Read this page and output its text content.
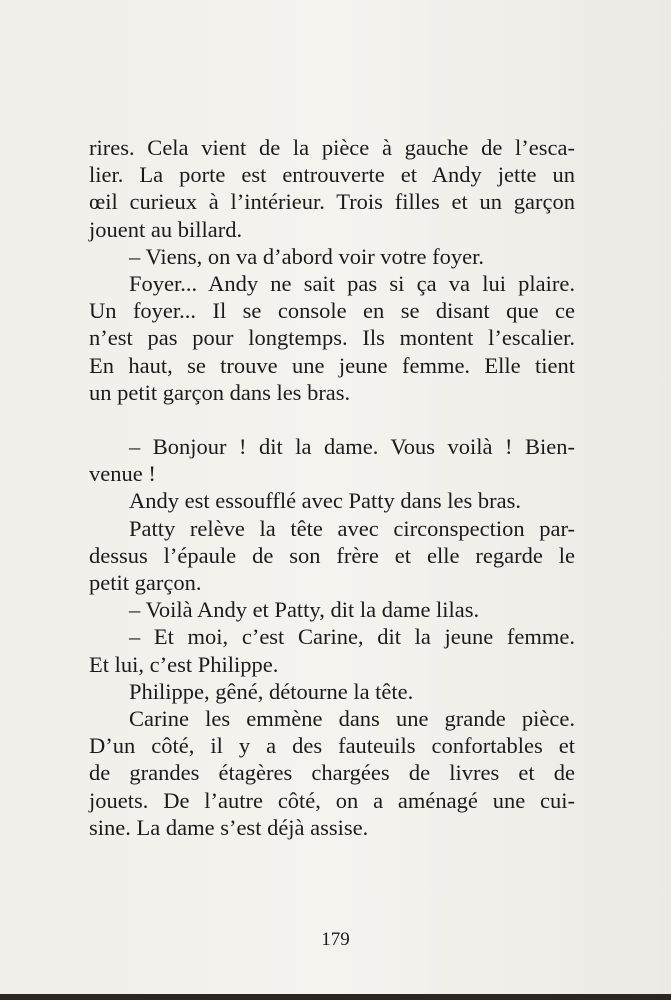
rires. Cela vient de la pièce à gauche de l’esca-
lier. La porte est entrouverte et Andy jette un
œil curieux à l’intérieur. Trois filles et un garçon
jouent au billard.

– Viens, on va d’abord voir votre foyer.

Foyer... Andy ne sait pas si ça va lui plaire.
Un foyer... Il se console en se disant que ce
n’est pas pour longtemps. Ils montent l’escalier.
En haut, se trouve une jeune femme. Elle tient
un petit garçon dans les bras.

– Bonjour ! dit la dame. Vous voilà ! Bien-
venue !

Andy est essoufflé avec Patty dans les bras.

Patty relève la tête avec circonspection par-
dessus l’épaule de son frère et elle regarde le
petit garçon.

– Voilà Andy et Patty, dit la dame lilas.

– Et moi, c’est Carine, dit la jeune femme.
Et lui, c’est Philippe.

Philippe, gêné, détourne la tête.

Carine les emmène dans une grande pièce.
D’un côté, il y a des fauteuils confortables et
de grandes étagères chargées de livres et de
jouets. De l’autre côté, on a aménagé une cui-
sine. La dame s’est déjà assise.

179
